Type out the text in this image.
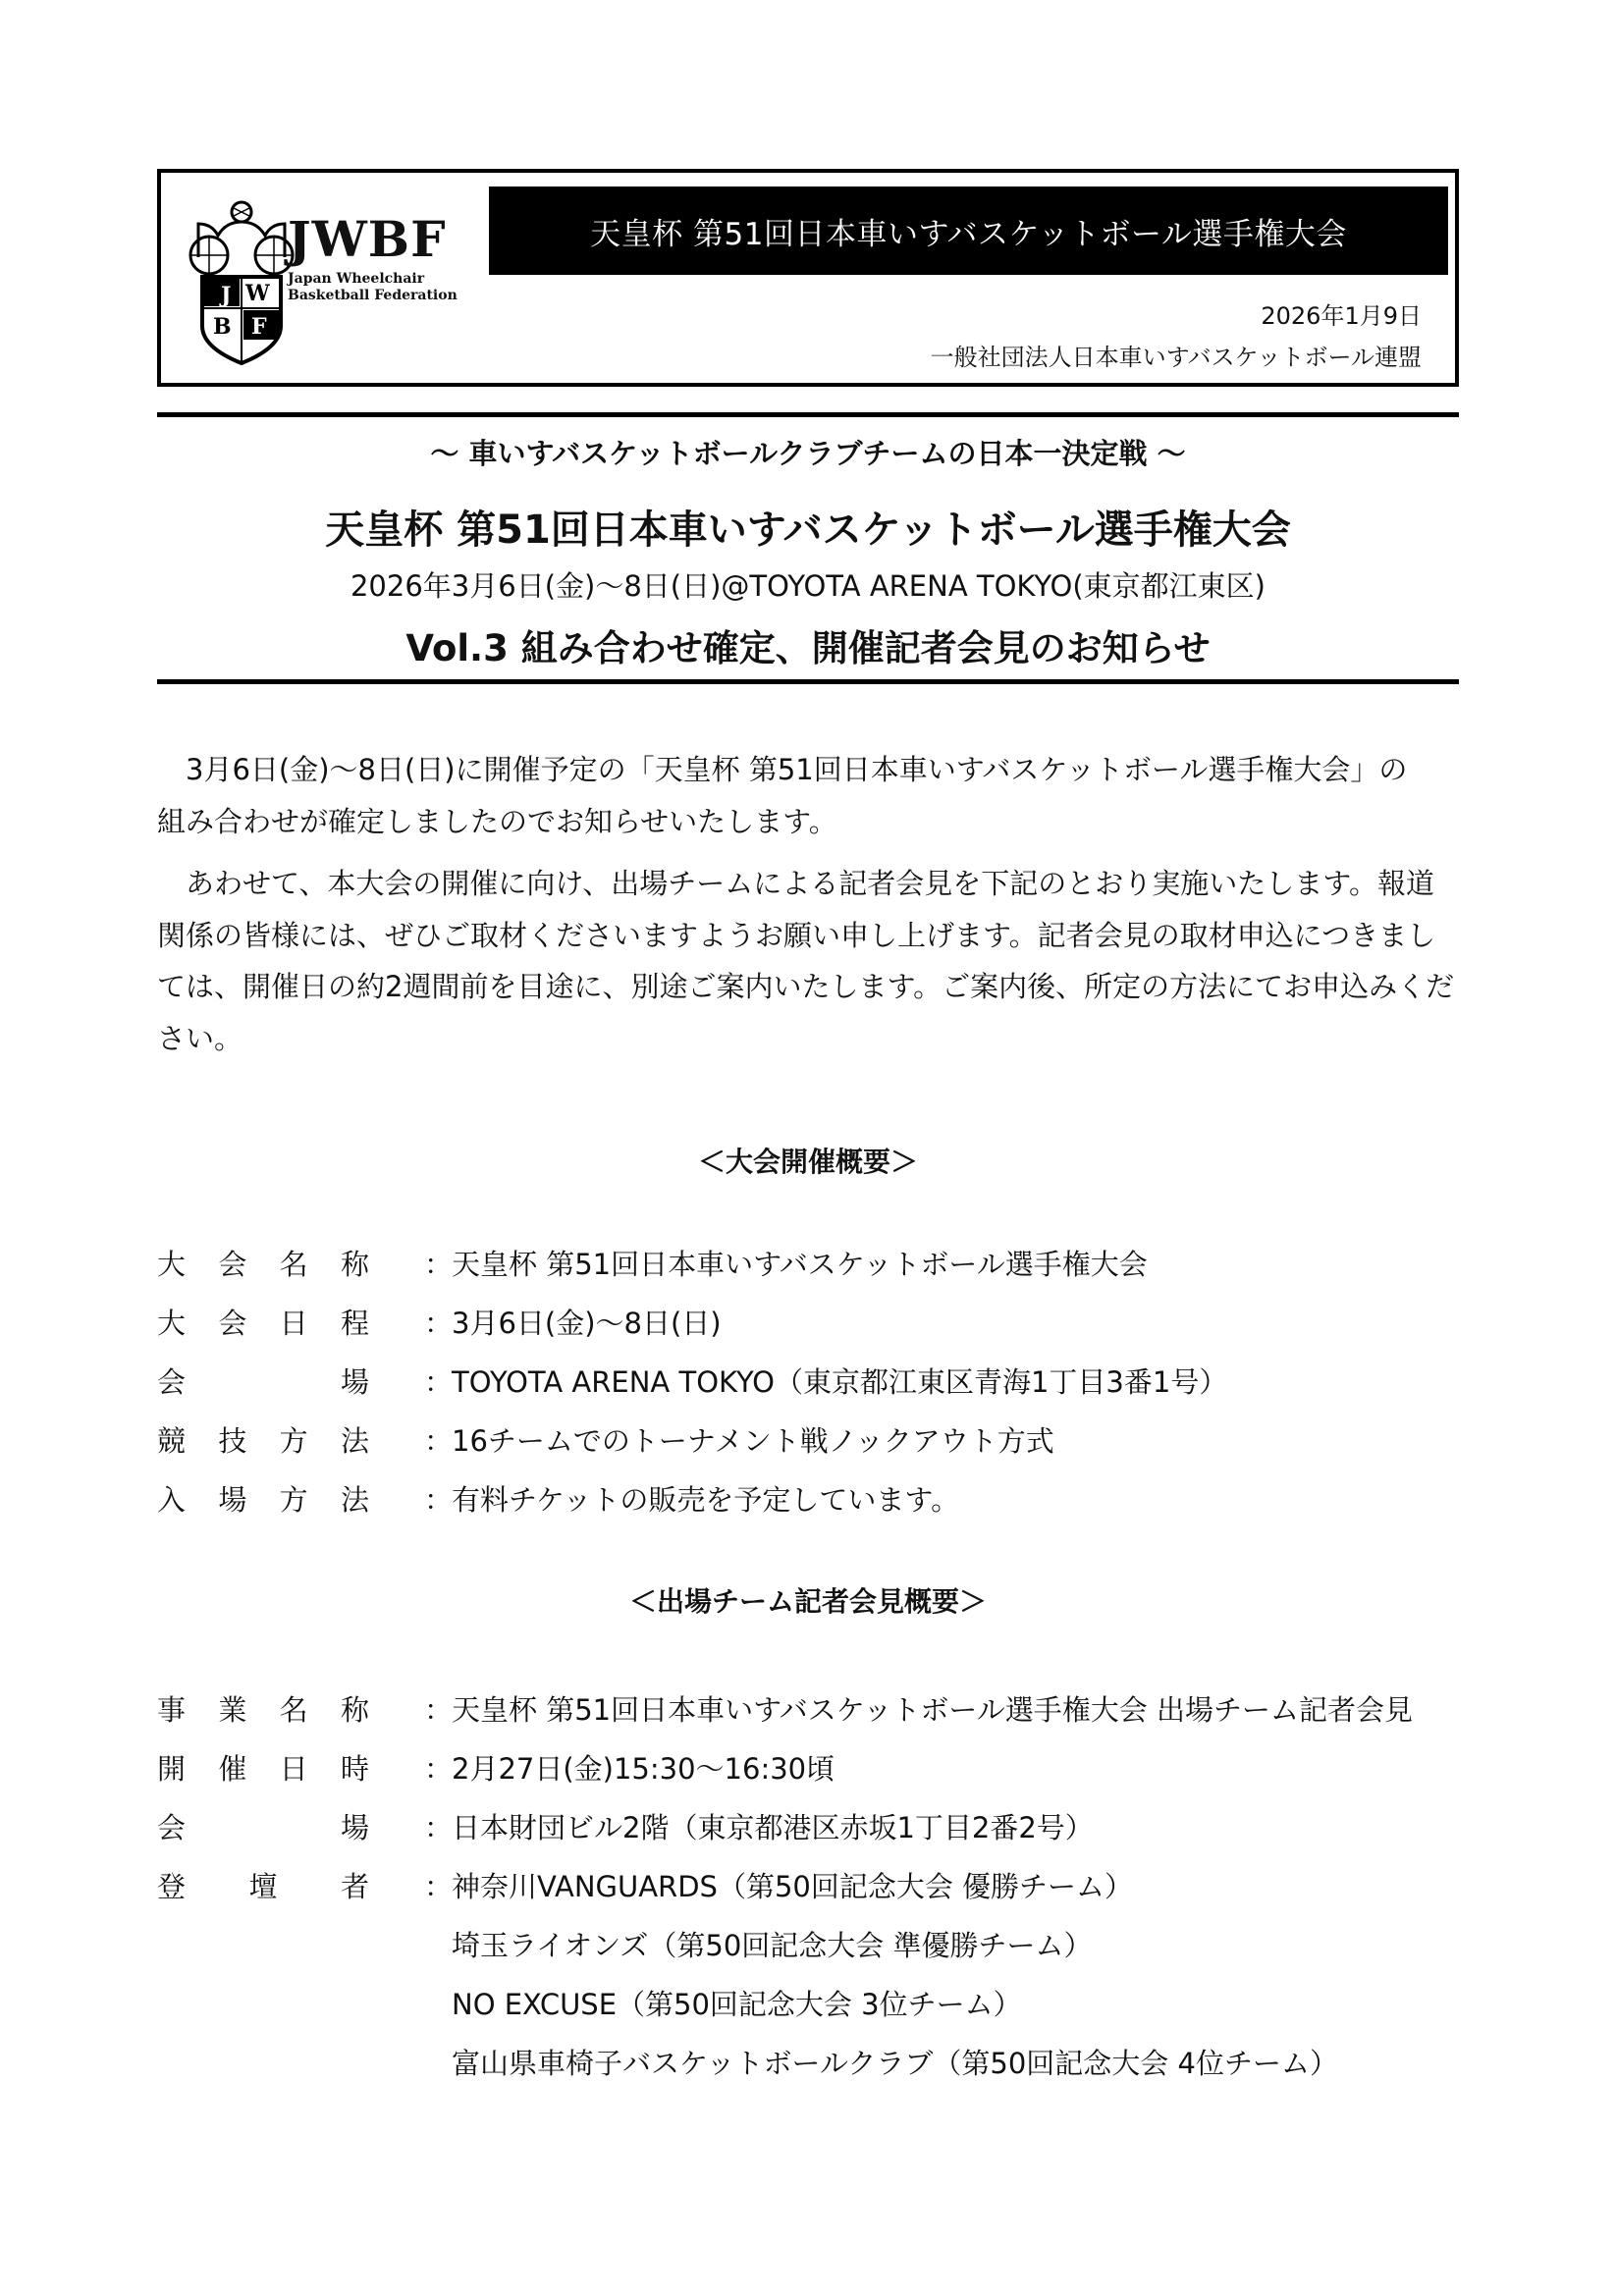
W
B
J
F
JWBF
Japan Wheelchair
Basketball Federation
天皇杯 第51回日本車いすバスケットボール選手権大会
2026年1月9日
一般社団法人日本車いすバスケットボール連盟
～ 車いすバスケットボールクラブチームの日本一決定戦 ～
天皇杯 第51回日本車いすバスケットボール選手権大会
2026年3月6日(金)～8日(日)@TOYOTA ARENA TOKYO(東京都江東区)
Vol.3 組み合わせ確定、開催記者会見のお知らせ
　3月6日(金)～8日(日)に開催予定の「天皇杯 第51回日本車いすバスケットボール選手権大会」の
組み合わせが確定しましたのでお知らせいたします。
　あわせて、本大会の開催に向け、出場チームによる記者会見を下記のとおり実施いたします。報道
関係の皆様には、ぜひご取材くださいますようお願い申し上げます。記者会見の取材申込につきまし
ては、開催日の約2週間前を目途に、別途ご案内いたします。ご案内後、所定の方法にてお申込みくだ
さい。
＜大会開催概要＞
大 会 名 称 ：
天皇杯 第51回日本車いすバスケットボール選手権大会
大 会 日 程 ：
3月6日(金)～8日(日)
会	場 ：
TOYOTA ARENA TOKYO（東京都江東区青海1丁目3番1号）
競 技 方 法 ：
16チームでのトーナメント戦ノックアウト方式
入 場 方 法 ：
有料チケットの販売を予定しています。
＜出場チーム記者会見概要＞
事 業 名 称 ：
天皇杯 第51回日本車いすバスケットボール選手権大会 出場チーム記者会見
開 催 日 時 ：
2月27日(金)15:30～16:30頃
会	場 ：
日本財団ビル2階（東京都港区赤坂1丁目2番2号）
登 壇 者 ：
神奈川VANGUARDS（第50回記念大会 優勝チーム）
埼玉ライオンズ（第50回記念大会 準優勝チーム）
NO EXCUSE（第50回記念大会 3位チーム）
富山県車椅子バスケットボールクラブ（第50回記念大会 4位チーム）
